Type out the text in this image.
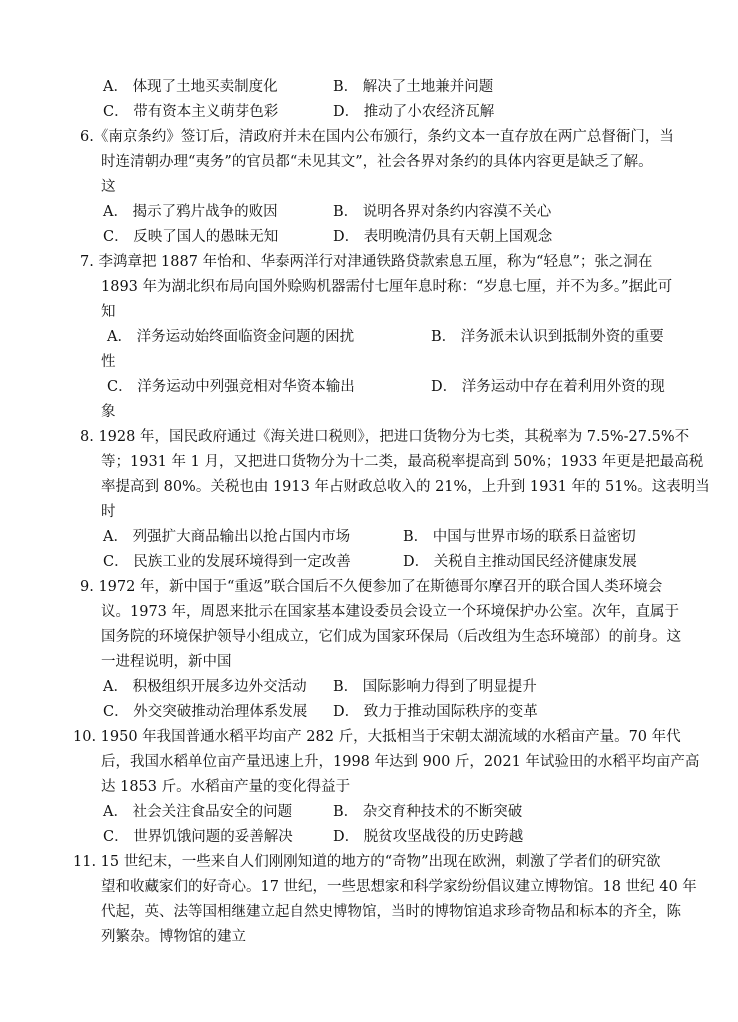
A． 体现了土地买卖制度化	B． 解决了土地兼并问题
C． 带有资本主义萌芽色彩	D． 推动了小农经济瓦解
6.《南京条约》签订后，清政府并未在国内公布颁行，条约文本一直存放在两广总督衙门，当
时连清朝办理“夷务”的官员都“未见其文”，社会各界对条约的具体内容更是缺乏了解。
这
A． 揭示了鸦片战争的败因	B． 说明各界对条约内容漠不关心
C． 反映了国人的愚昧无知	D． 表明晚清仍具有天朝上国观念
7. 李鸿章把 1887 年怡和、华泰两洋行对津通铁路贷款索息五厘，称为“轻息”；张之洞在
1893 年为湖北织布局向国外赊购机器需付七厘年息时称：“岁息七厘，并不为多。”据此可
知
A． 洋务运动始终面临资金问题的困扰	B． 洋务派未认识到抵制外资的重要
性
C． 洋务运动中列强竞相对华资本输出	D． 洋务运动中存在着利用外资的现
象
8. 1928 年，国民政府通过《海关进口税则》，把进口货物分为七类，其税率为 7.5%-27.5%不
等；1931 年 1 月，又把进口货物分为十二类，最高税率提高到 50%；1933 年更是把最高税
率提高到 80%。关税也由 1913 年占财政总收入的 21%，上升到 1931 年的 51%。这表明当
时
A． 列强扩大商品输出以抢占国内市场	B． 中国与世界市场的联系日益密切
C． 民族工业的发展环境得到一定改善	D． 关税自主推动国民经济健康发展
9. 1972 年，新中国于“重返”联合国后不久便参加了在斯德哥尔摩召开的联合国人类环境会
议。1973 年，周恩来批示在国家基本建设委员会设立一个环境保护办公室。次年，直属于
国务院的环境保护领导小组成立，它们成为国家环保局（后改组为生态环境部）的前身。这
一进程说明，新中国
A． 积极组织开展多边外交活动 B． 国际影响力得到了明显提升
C． 外交突破推动治理体系发展 D． 致力于推动国际秩序的变革
10. 1950 年我国普通水稻平均亩产 282 斤，大抵相当于宋朝太湖流域的水稻亩产量。70 年代
后，我国水稻单位亩产量迅速上升，1998 年达到 900 斤，2021 年试验田的水稻平均亩产高
达 1853 斤。水稻亩产量的变化得益于
A． 社会关注食品安全的问题	B． 杂交育种技术的不断突破
C． 世界饥饿问题的妥善解决	D． 脱贫攻坚战役的历史跨越
11. 15 世纪末，一些来自人们刚刚知道的地方的“奇物”出现在欧洲，刺激了学者们的研究欲
望和收藏家们的好奇心。17 世纪，一些思想家和科学家纷纷倡议建立博物馆。18 世纪 40 年
代起，英、法等国相继建立起自然史博物馆，当时的博物馆追求珍奇物品和标本的齐全，陈
列繁杂。博物馆的建立
